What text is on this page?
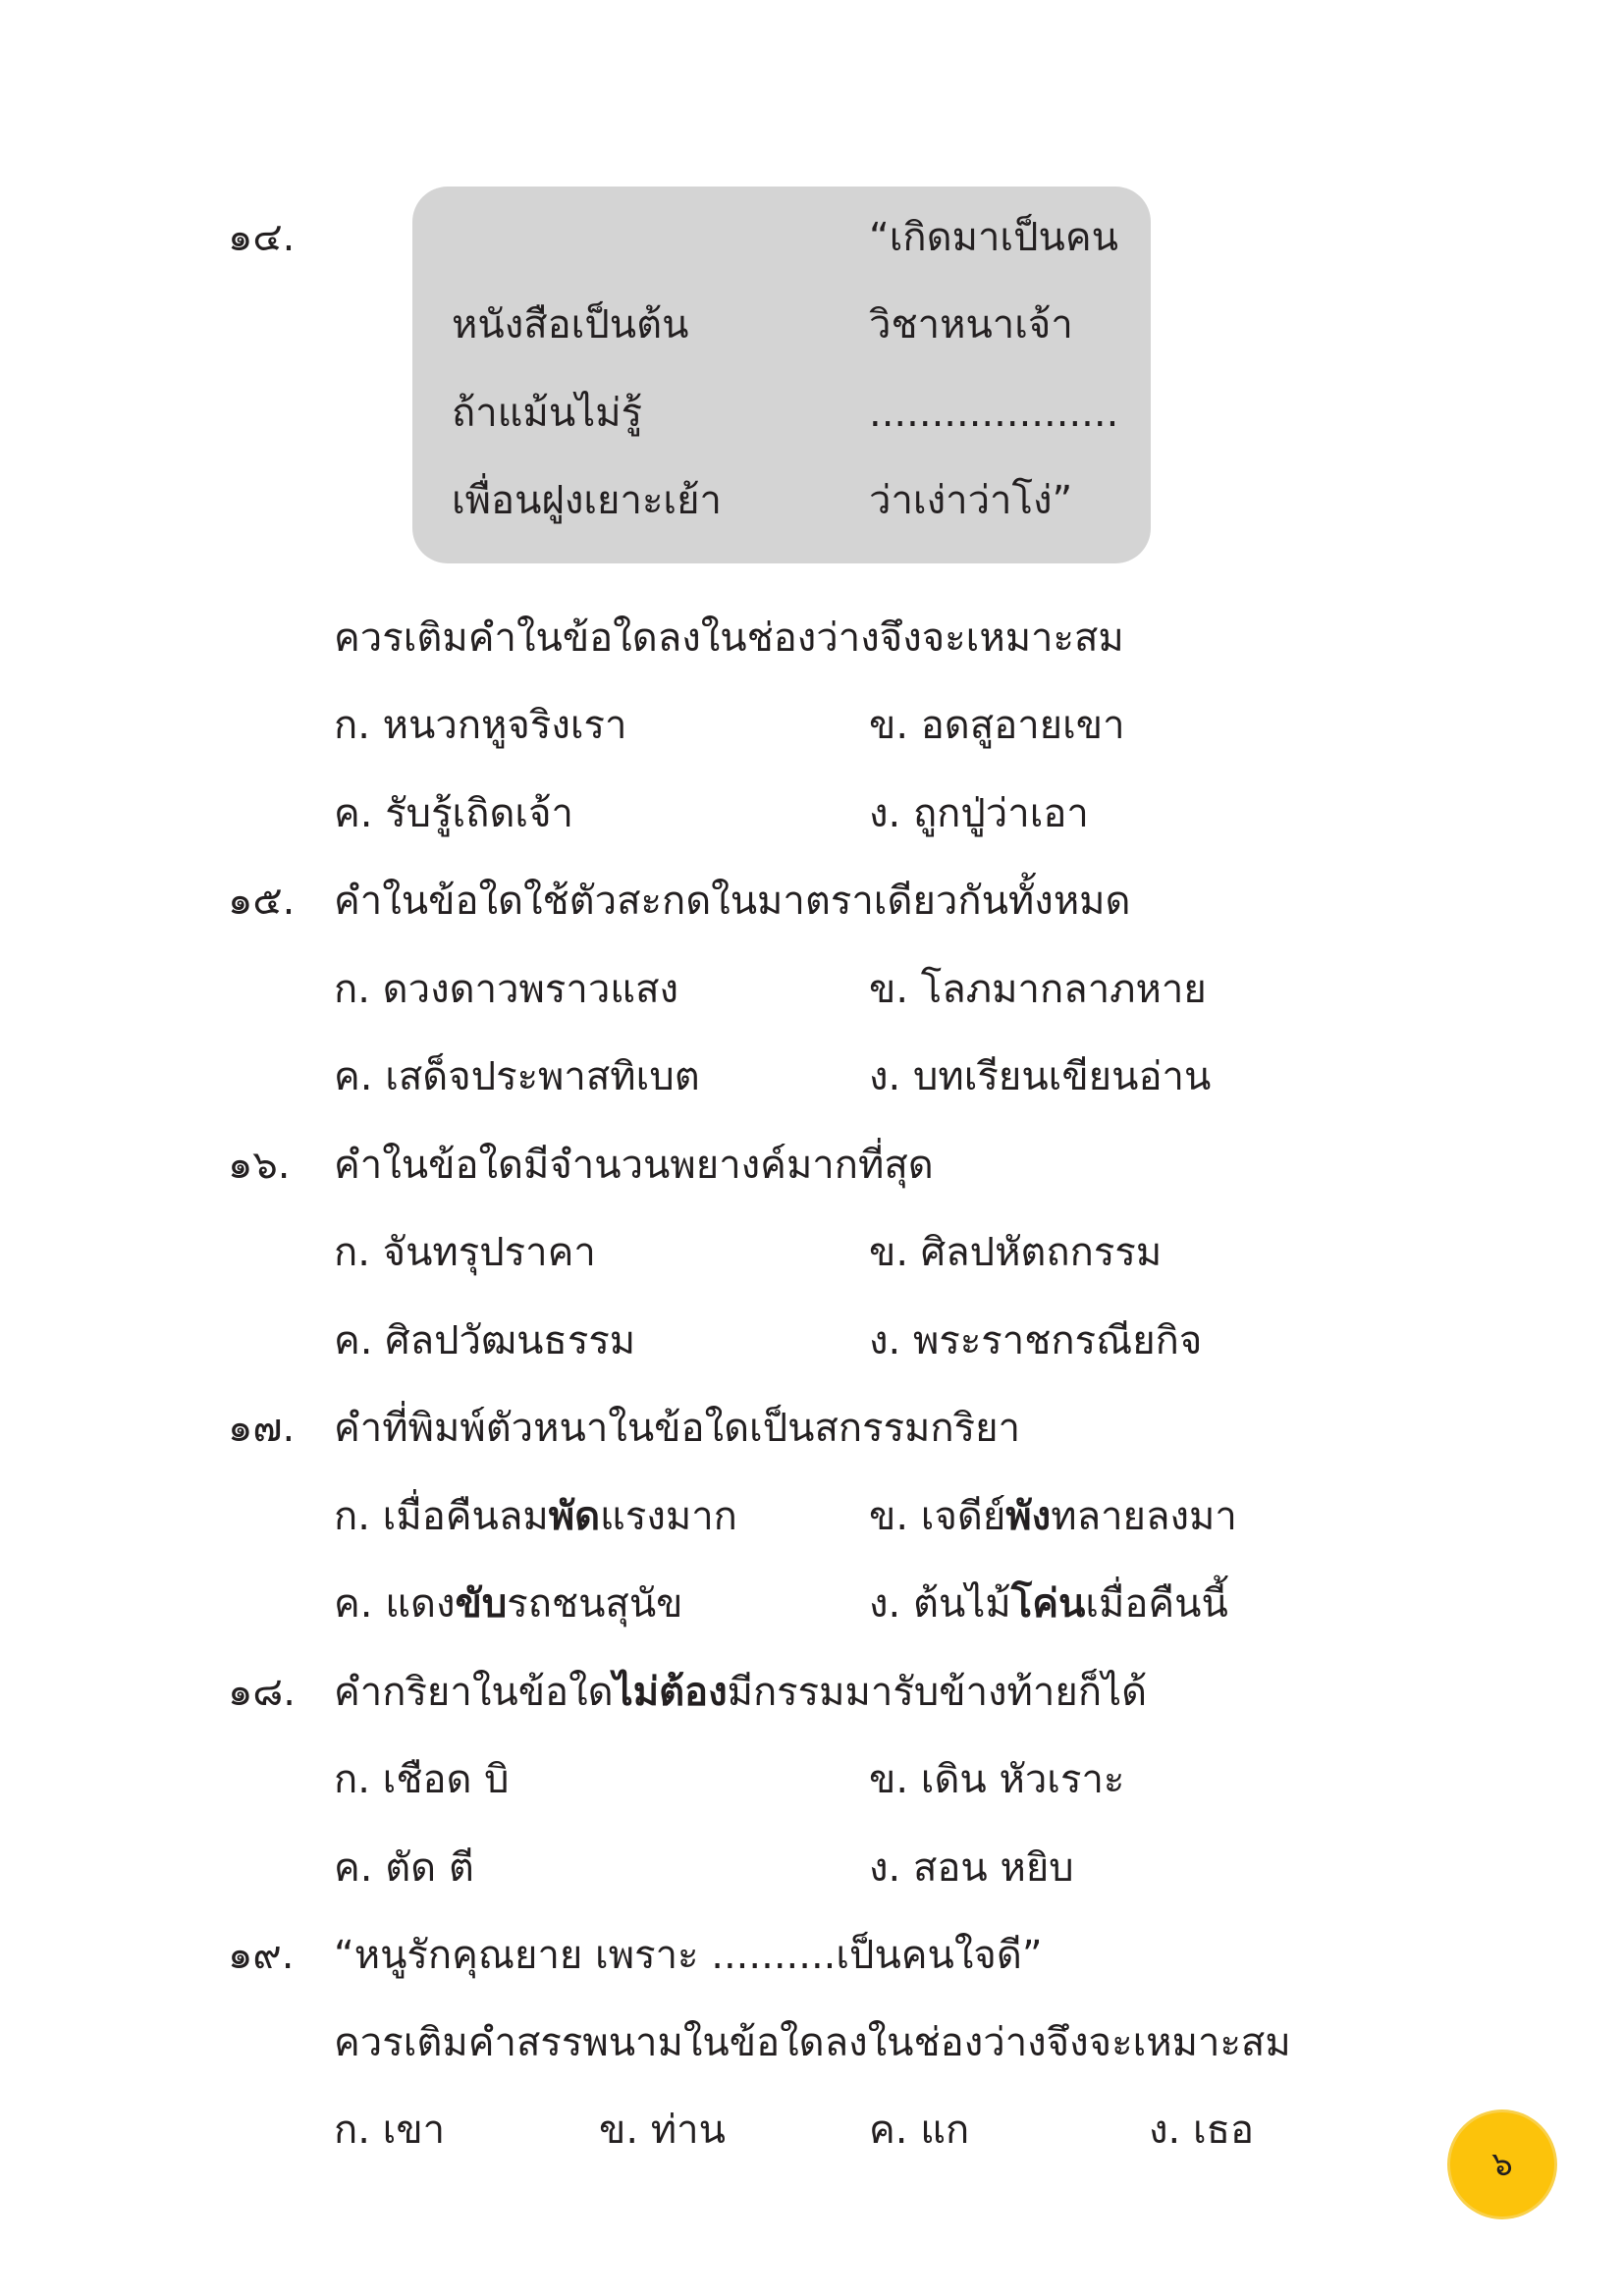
๑๔.	“เกิดมาเป็นคน
หนังสือเป็นต้น	วิชาหนาเจ้า
ถ้าแม้นไม่รู้	....................
เพื่อนฝูงเยาะเย้า	ว่าเง่าว่าโง่”
ควรเติมคำในข้อใดลงในช่องว่างจึงจะเหมาะสม
ก. หนวกหูจริงเรา	ข. อดสูอายเขา
ค. รับรู้เถิดเจ้า	ง. ถูกปู่ว่าเอา
๑๕. คำในข้อใดใช้ตัวสะกดในมาตราเดียวกันทั้งหมด
ก. ดวงดาวพราวแสง	ข. โลภมากลาภหาย
ค. เสด็จประพาสทิเบต	ง. บทเรียนเขียนอ่าน
๑๖. คำในข้อใดมีจำนวนพยางค์มากที่สุด
ก. จันทรุปราคา	ข. ศิลปหัตถกรรม
ค. ศิลปวัฒนธรรม	ง. พระราชกรณียกิจ
๑๗. คำที่พิมพ์ตัวหนาในข้อใดเป็นสกรรมกริยา
ก. เมื่อคืนลมพัดแรงมาก	ข. เจดีย์พังทลายลงมา
ค. แดงขับรถชนสุนัข	ง. ต้นไม้โค่นเมื่อคืนนี้
๑๘. คำกริยาในข้อใดไม่ต้องมีกรรมมารับข้างท้ายก็ได้
ก. เชือด บิ	ข. เดิน หัวเราะ
ค. ตัด ตี	ง. สอน หยิบ
๑๙. “หนูรักคุณยาย เพราะ ..........เป็นคนใจดี”
ควรเติมคำสรรพนามในข้อใดลงในช่องว่างจึงจะเหมาะสม
ก. เขา	ข. ท่าน	ค. แก	ง. เธอ
๖
